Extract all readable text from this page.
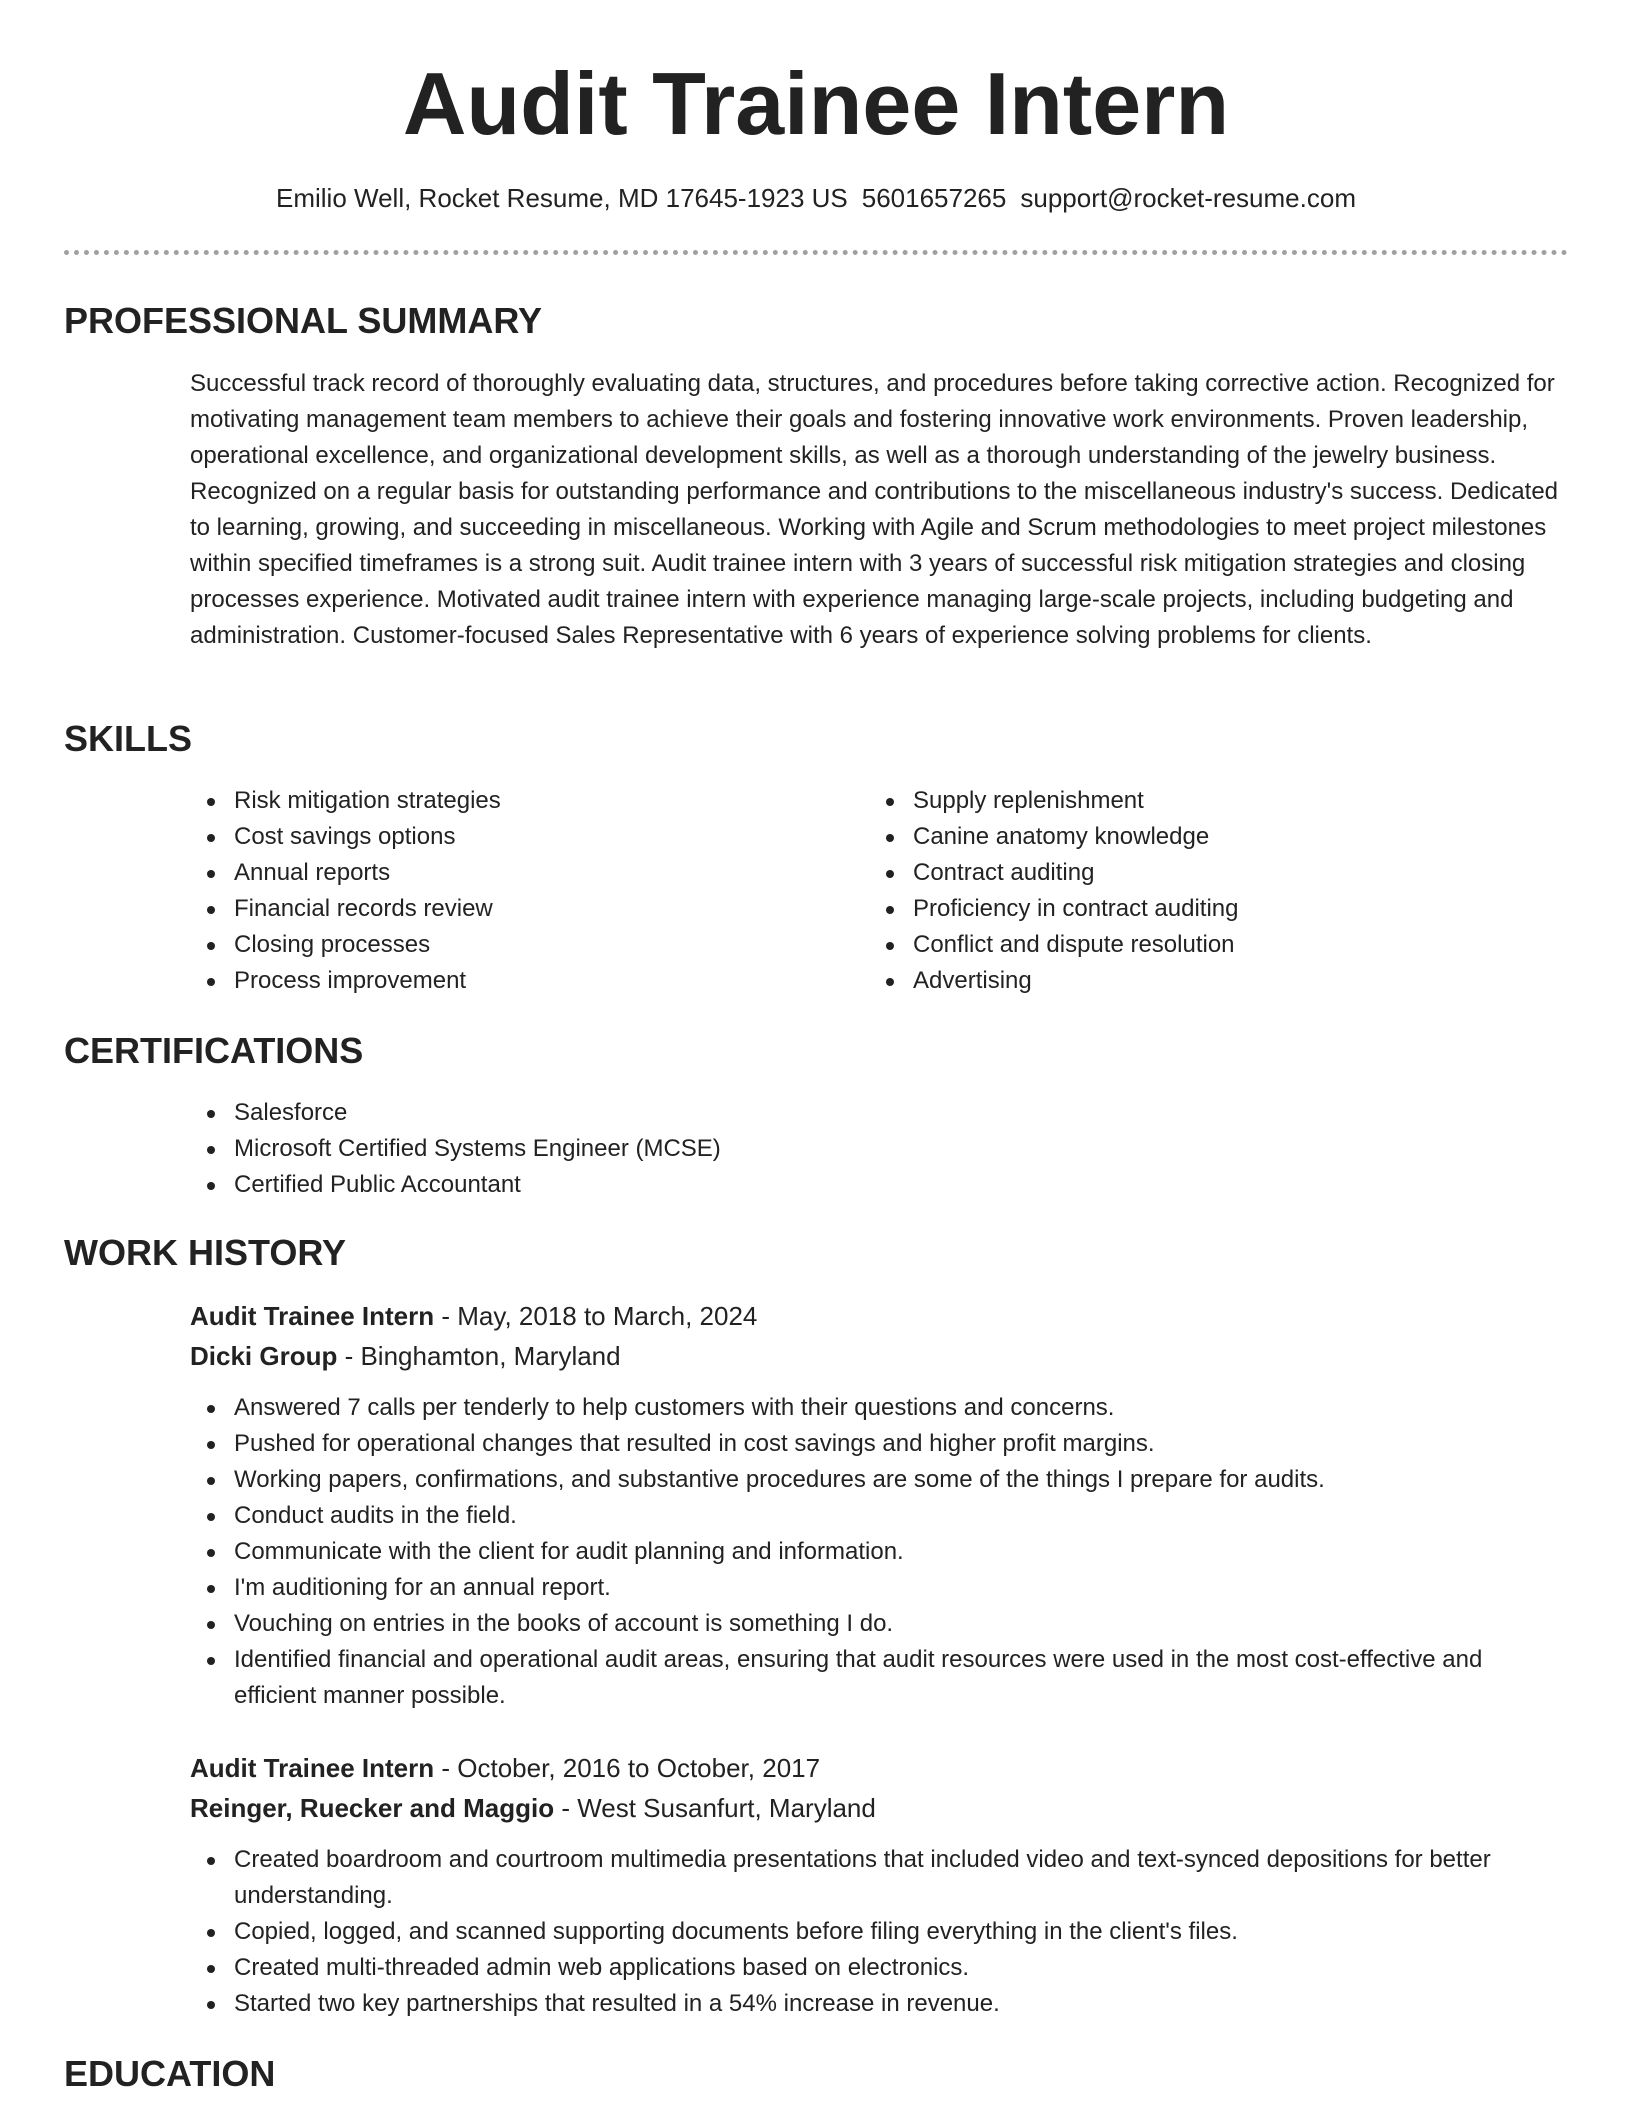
Audit Trainee Intern
Emilio Well, Rocket Resume, MD 17645-1923 US 5601657265 support@rocket-resume.com
PROFESSIONAL SUMMARY

Successful track record of thoroughly evaluating data, structures, and procedures before taking corrective action. Recognized for motivating management team members to achieve their goals and fostering innovative work environments. Proven leadership, operational excellence, and organizational development skills, as well as a thorough understanding of the jewelry business. Recognized on a regular basis for outstanding performance and contributions to the miscellaneous industry's success. Dedicated to learning, growing, and succeeding in miscellaneous. Working with Agile and Scrum methodologies to meet project milestones within specified timeframes is a strong suit. Audit trainee intern with 3 years of successful risk mitigation strategies and closing processes experience. Motivated audit trainee intern with experience managing large-scale projects, including budgeting and administration. Customer-focused Sales Representative with 6 years of experience solving problems for clients.

SKILLS
Risk mitigation strategies
Cost savings options
Annual reports
Financial records review
Closing processes
Process improvement
Supply replenishment
Canine anatomy knowledge
Contract auditing
Proficiency in contract auditing
Conflict and dispute resolution
Advertising
CERTIFICATIONS
Salesforce
Microsoft Certified Systems Engineer (MCSE)
Certified Public Accountant
WORK HISTORY
Audit Trainee Intern - May, 2018 to March, 2024
Dicki Group - Binghamton, Maryland
Answered 7 calls per tenderly to help customers with their questions and concerns.
Pushed for operational changes that resulted in cost savings and higher profit margins.
Working papers, confirmations, and substantive procedures are some of the things I prepare for audits.
Conduct audits in the field.
Communicate with the client for audit planning and information.
I'm auditioning for an annual report.
Vouching on entries in the books of account is something I do.
Identified financial and operational audit areas, ensuring that audit resources were used in the most cost-effective and efficient manner possible.
Audit Trainee Intern - October, 2016 to October, 2017
Reinger, Ruecker and Maggio - West Susanfurt, Maryland
Created boardroom and courtroom multimedia presentations that included video and text-synced depositions for better understanding.
Copied, logged, and scanned supporting documents before filing everything in the client's files.
Created multi-threaded admin web applications based on electronics.
Started two key partnerships that resulted in a 54% increase in revenue.
EDUCATION
